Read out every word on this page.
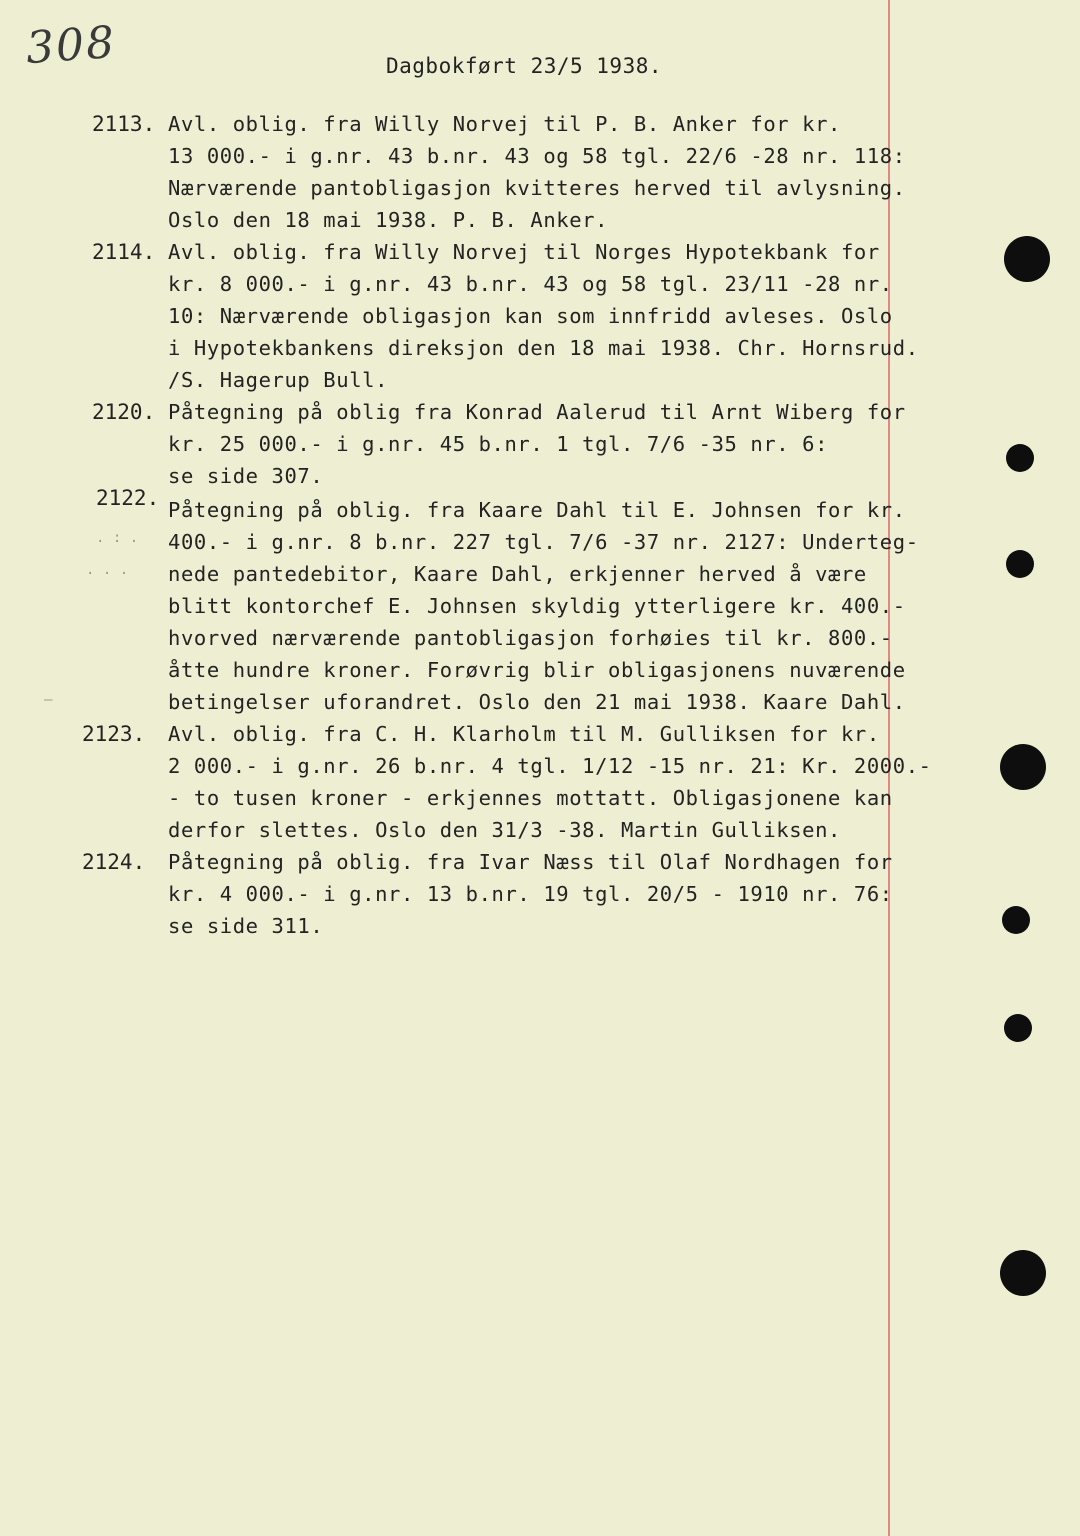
308	Dagbokført 23/5 1938.
2113. Avl. oblig. fra Willy Norvej til P. B. Anker for kr.
13 000.- i g.nr. 43 b.nr. 43 og 58 tgl. 22/6 -28 nr. 118:
Nærværende pantobligasjon kvitteres herved til avlysning.
Oslo den 18 mai 1938. P. B. Anker.
2114. Avl. oblig. fra Willy Norvej til Norges Hypotekbank for
kr. 8 000.- i g.nr. 43 b.nr. 43 og 58 tgl. 23/11 -28 nr.
10: Nærværende obligasjon kan som innfridd avleses. Oslo
i Hypotekbankens direksjon den 18 mai 1938. Chr. Hornsrud.
/S. Hagerup Bull.
2120. Påtegning på oblig fra Konrad Aalerud til Arnt Wiberg for
kr. 25 000.- i g.nr. 45 b.nr. 1 tgl. 7/6 -35 nr. 6:
se side 307.
2122. Påtegning på oblig. fra Kaare Dahl til E. Johnsen for kr.
400.- i g.nr. 8 b.nr. 227 tgl. 7/6 -37 nr. 2127: Underteg-
nede pantedebitor, Kaare Dahl, erkjenner herved å være
blitt kontorchef E. Johnsen skyldig ytterligere kr. 400.-
hvorved nærværende pantobligasjon forhøies til kr. 800.-
åtte hundre kroner. Forøvrig blir obligasjonens nuværende
betingelser uforandret. Oslo den 21 mai 1938. Kaare Dahl.
2123.	Avl. oblig. fra C. H. Klarholm til M. Gulliksen for kr.
2 000.- i g.nr. 26 b.nr. 4 tgl. 1/12 -15 nr. 21: Kr. 2000.-
- to tusen kroner - erkjennes mottatt. Obligasjonene kan
derfor slettes. Oslo den 31/3 -38. Martin Gulliksen.
2124.	Påtegning på oblig. fra Ivar Næss til Olaf Nordhagen for
kr. 4 000.- i g.nr. 13 b.nr. 19 tgl. 20/5 - 1910 nr. 76:
se side 311.
. : .
· · ·
—
